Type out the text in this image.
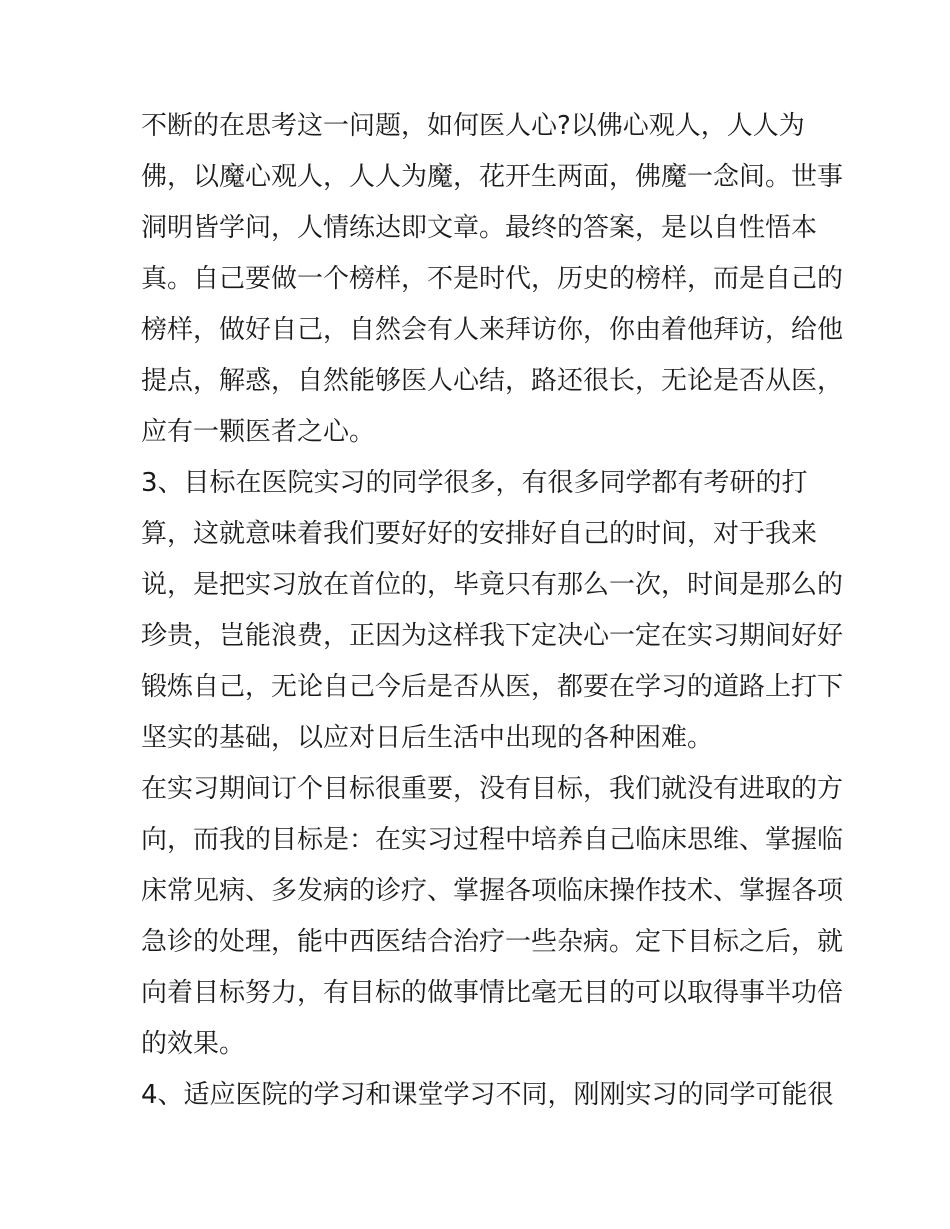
不断的在思考这一问题，如何医人心?以佛心观人，人人为
佛，以魔心观人，人人为魔，花开生两面，佛魔一念间。世事
洞明皆学问，人情练达即文章。最终的答案，是以自性悟本
真。自己要做一个榜样，不是时代，历史的榜样，而是自己的
榜样，做好自己，自然会有人来拜访你，你由着他拜访，给他
提点，解惑，自然能够医人心结，路还很长，无论是否从医，
应有一颗医者之心。
3、目标在医院实习的同学很多，有很多同学都有考研的打
算，这就意味着我们要好好的安排好自己的时间，对于我来
说，是把实习放在首位的，毕竟只有那么一次，时间是那么的
珍贵，岂能浪费，正因为这样我下定决心一定在实习期间好好
锻炼自己，无论自己今后是否从医，都要在学习的道路上打下
坚实的基础，以应对日后生活中出现的各种困难。
在实习期间订个目标很重要，没有目标，我们就没有进取的方
向，而我的目标是：在实习过程中培养自己临床思维、掌握临
床常见病、多发病的诊疗、掌握各项临床操作技术、掌握各项
急诊的处理，能中西医结合治疗一些杂病。定下目标之后，就
向着目标努力，有目标的做事情比毫无目的可以取得事半功倍
的效果。
4、适应医院的学习和课堂学习不同，刚刚实习的同学可能很
